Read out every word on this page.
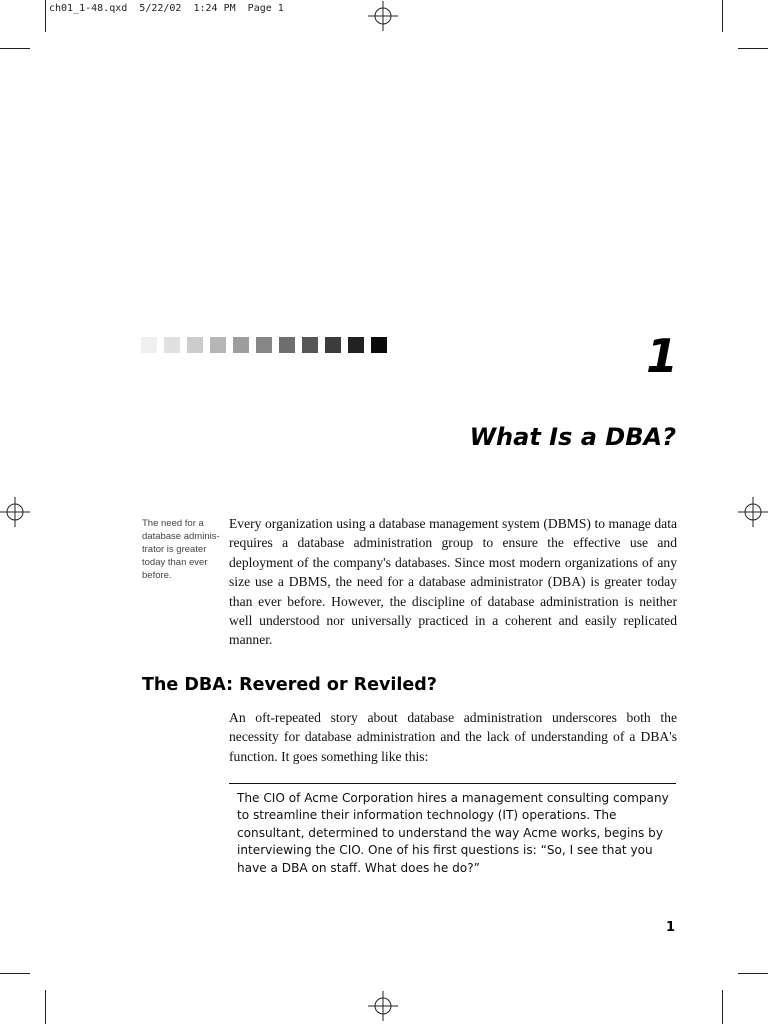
ch01_1-48.qxd  5/22/02  1:24 PM  Page 1
1
What Is a DBA?
The need for a database adminis-trator is greater today than ever before.
Every organization using a database management system (DBMS) to manage data requires a database administration group to ensure the effective use and deployment of the company's databases. Since most modern organizations of any size use a DBMS, the need for a database administrator (DBA) is greater today than ever before. However, the discipline of database administration is neither well understood nor universally practiced in a coherent and easily replicated manner.
The DBA: Revered or Reviled?
An oft-repeated story about database administration underscores both the necessity for database administration and the lack of understanding of a DBA's function. It goes something like this:
The CIO of Acme Corporation hires a management consulting company to streamline their information technology (IT) operations. The consultant, determined to understand the way Acme works, begins by interviewing the CIO. One of his first questions is: “So, I see that you have a DBA on staff. What does he do?”
1
